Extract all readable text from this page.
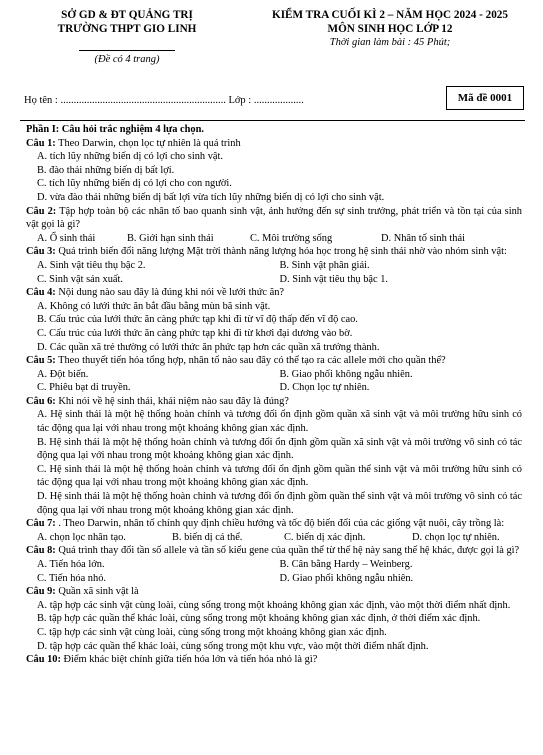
SỞ GD & ĐT QUẢNG TRỊ
TRƯỜNG THPT GIO LINH
(Đề có 4 trang)
KIỂM TRA CUỐI KÌ 2 – NĂM HỌC 2024 - 2025
MÔN SINH HỌC LỚP 12
Thời gian làm bài : 45 Phút;
Họ tên : ............................................................... Lớp : ...................	Mã đề 0001

Phần I: Câu hỏi trắc nghiệm 4 lựa chọn.

Câu 1: Theo Darwin, chọn lọc tự nhiên là quá trình

A. tích lũy những biến dị có lợi cho sinh vật.

B. đào thải những biến dị bất lợi.

C. tích lũy những biến dị có lợi cho con người.

D. vừa đào thải những biến dị bất lợi vừa tích lũy những biến dị có lợi cho sinh vật.

Câu 2: Tập hợp toàn bộ các nhân tố bao quanh sinh vật, ảnh hưởng đến sự sinh trưởng, phát triển và tồn tại của sinh vật gọi là gì?

A. Ổ sinh thái	B. Giới hạn sinh thái	C. Môi trường sống	D. Nhân tố sinh thái

Câu 3: Quá trình biến đổi năng lượng Mặt trời thành năng lượng hóa học trong hệ sinh thái nhờ vào nhóm sinh vật:

A. Sinh vật tiêu thụ bậc 2.	B. Sinh vật phân giải.
C. Sinh vật sản xuất.	D. Sinh vật tiêu thụ bậc 1.

Câu 4: Nội dung nào sau đây là đúng khi nói về lưới thức ăn?

A. Không có lưới thức ăn bắt đầu bằng mùn bã sinh vật.

B. Cấu trúc của lưới thức ăn càng phức tạp khi đi từ vĩ độ thấp đến vĩ độ cao.

C. Cấu trúc của lưới thức ăn càng phức tạp khi đi từ khơi đại dương vào bờ.

D. Các quần xã trẻ thường có lưới thức ăn phức tạp hơn các quần xã trưởng thành.

Câu 5: Theo thuyết tiến hóa tổng hợp, nhân tố nào sau đây có thể tạo ra các allele mới cho quần thể?

A. Đột biến.	B. Giao phối không ngẫu nhiên.
C. Phiêu bạt di truyền.	D. Chọn lọc tự nhiên.

Câu 6: Khi nói về hệ sinh thái, khái niệm nào sau đây là đúng?

A. Hệ sinh thái là một hệ thống hoàn chỉnh và tương đối ổn định gồm quần xã sinh vật và môi trường hữu sinh có tác động qua lại với nhau trong một khoảng không gian xác định.

B. Hệ sinh thái là một hệ thống hoàn chỉnh và tương đối ổn định gồm quần xã sinh vật và môi trường vô sinh có tác động qua lại với nhau trong một khoảng không gian xác định.

C. Hệ sinh thái là một hệ thống hoàn chỉnh và tương đối ổn định gồm quần thể sinh vật và môi trường hữu sinh có tác động qua lại với nhau trong một khoảng không gian xác định.

D. Hệ sinh thái là một hệ thống hoàn chỉnh và tương đối ổn định gồm quần thể sinh vật và môi trường vô sinh có tác động qua lại với nhau trong một khoảng không gian xác định.

Câu 7: . Theo Darwin, nhân tố chính quy định chiều hướng và tốc độ biến đổi của các giống vật nuôi, cây trồng là:

A. chọn lọc nhân tạo.	B. biến dị cá thể.	C. biến dị xác định.	D. chọn lọc tự nhiên.

Câu 8: Quá trình thay đổi tần số allele và tần số kiểu gene của quần thể từ thế hệ này sang thế hệ khác, được gọi là gì?

A. Tiến hóa lớn.	B. Cân bằng Hardy – Weinberg.
C. Tiến hóa nhỏ.	D. Giao phối không ngẫu nhiên.

Câu 9: Quần xã sinh vật là

A. tập hợp các sinh vật cùng loài, cùng sống trong một khoảng không gian xác định, vào một thời điểm nhất định.

B. tập hợp các quần thể khác loài, cùng sống trong một khoảng không gian xác định, ở thời điểm xác định.

C. tập hợp các sinh vật cùng loài, cùng sống trong một khoảng không gian xác định.

D. tập hợp các quần thể khác loài, cùng sống trong một khu vực, vào một thời điểm nhất định.

Câu 10: Điểm khác biệt chính giữa tiến hóa lớn và tiến hóa nhỏ là gì?
